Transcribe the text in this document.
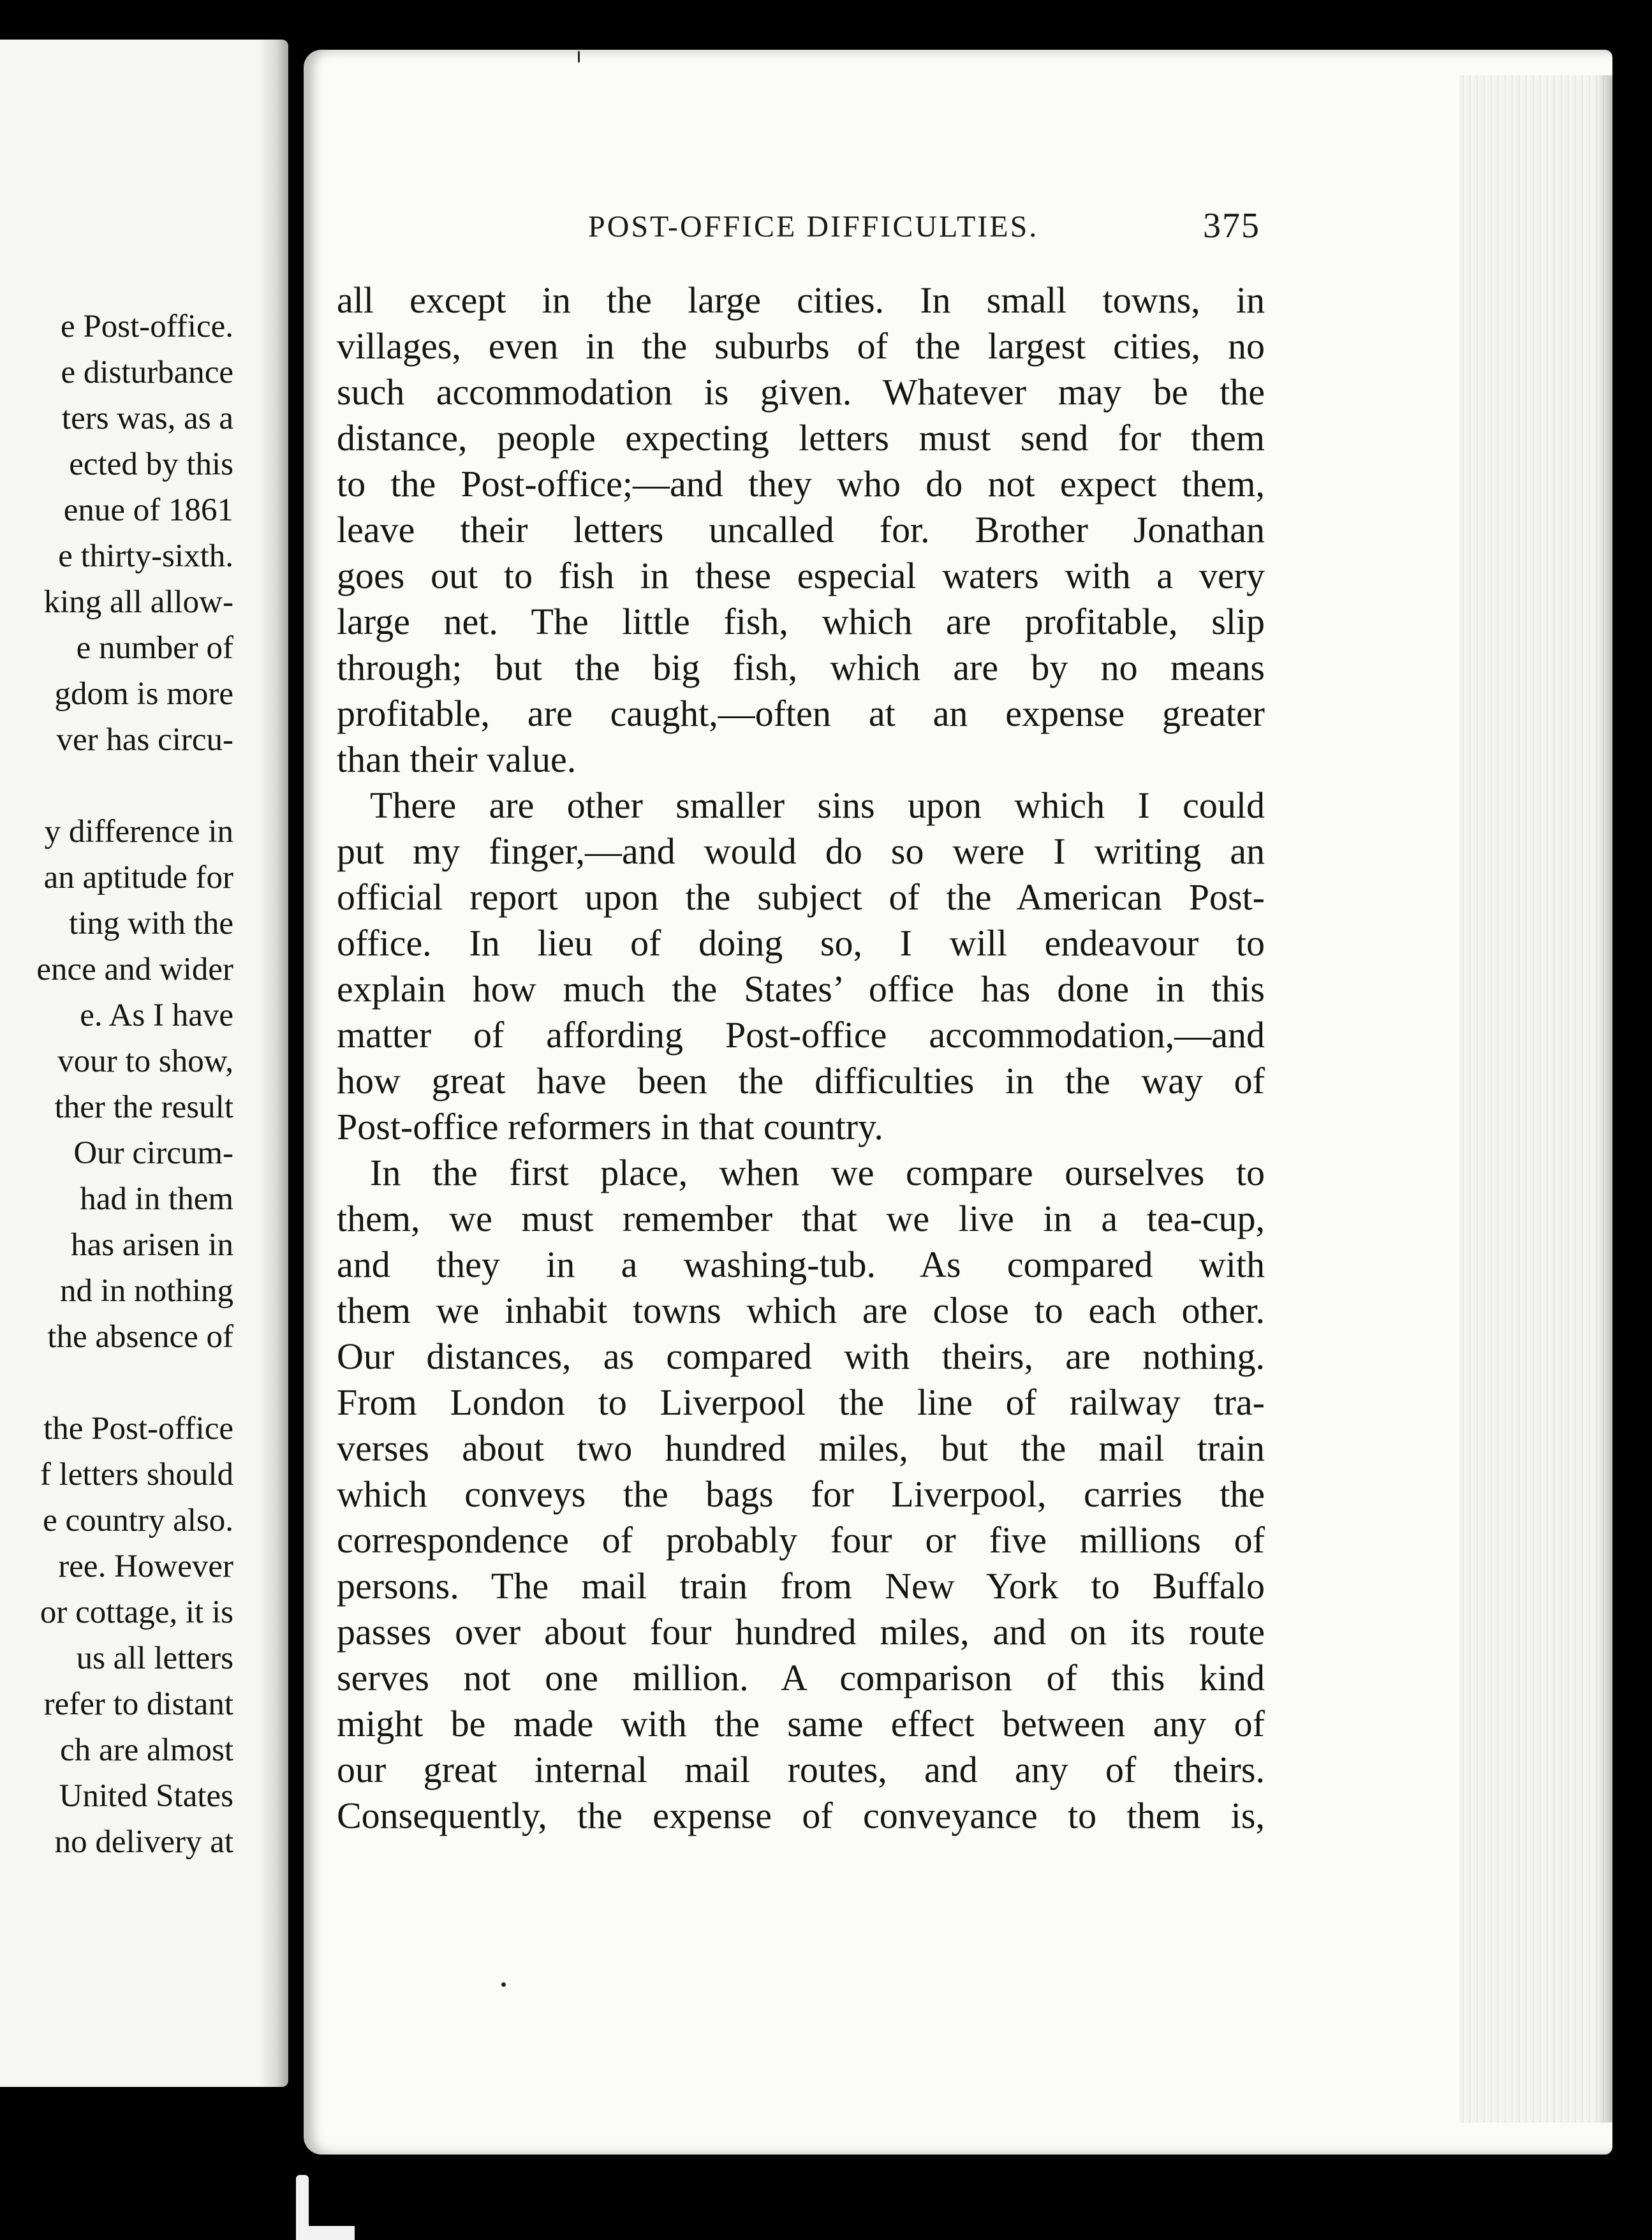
e Post-office.
e disturbance
ters was, as a
ected by this
enue of 1861
e thirty-sixth.
king all allow-
e number of
gdom is more
ver has circu-
y difference in
an aptitude for
ting with the
ence and wider
e. As I have
vour to show,
ther the result
Our circum-
had in them
has arisen in
nd in nothing
the absence of
the Post-office
f letters should
e country also.
ree. However
or cottage, it is
us all letters
refer to distant
ch are almost
United States
no delivery at
POST-OFFICE DIFFICULTIES.	375
all except in the large cities. In small towns, in
villages, even in the suburbs of the largest cities, no
such accommodation is given. Whatever may be the
distance, people expecting letters must send for them
to the Post-office;—and they who do not expect them,
leave their letters uncalled for. Brother Jonathan
goes out to fish in these especial waters with a very
large net. The little fish, which are profitable, slip
through; but the big fish, which are by no means
profitable, are caught,—often at an expense greater
than their value.
There are other smaller sins upon which I could
put my finger,—and would do so were I writing an
official report upon the subject of the American Post-
office. In lieu of doing so, I will endeavour to
explain how much the States’ office has done in this
matter of affording Post-office accommodation,—and
how great have been the difficulties in the way of
Post-office reformers in that country.
In the first place, when we compare ourselves to
them, we must remember that we live in a tea-cup,
and they in a washing-tub. As compared with
them we inhabit towns which are close to each other.
Our distances, as compared with theirs, are nothing.
From London to Liverpool the line of railway tra-
verses about two hundred miles, but the mail train
which conveys the bags for Liverpool, carries the
correspondence of probably four or five millions of
persons. The mail train from New York to Buffalo
passes over about four hundred miles, and on its route
serves not one million. A comparison of this kind
might be made with the same effect between any of
our great internal mail routes, and any of theirs.
Consequently, the expense of conveyance to them is,
